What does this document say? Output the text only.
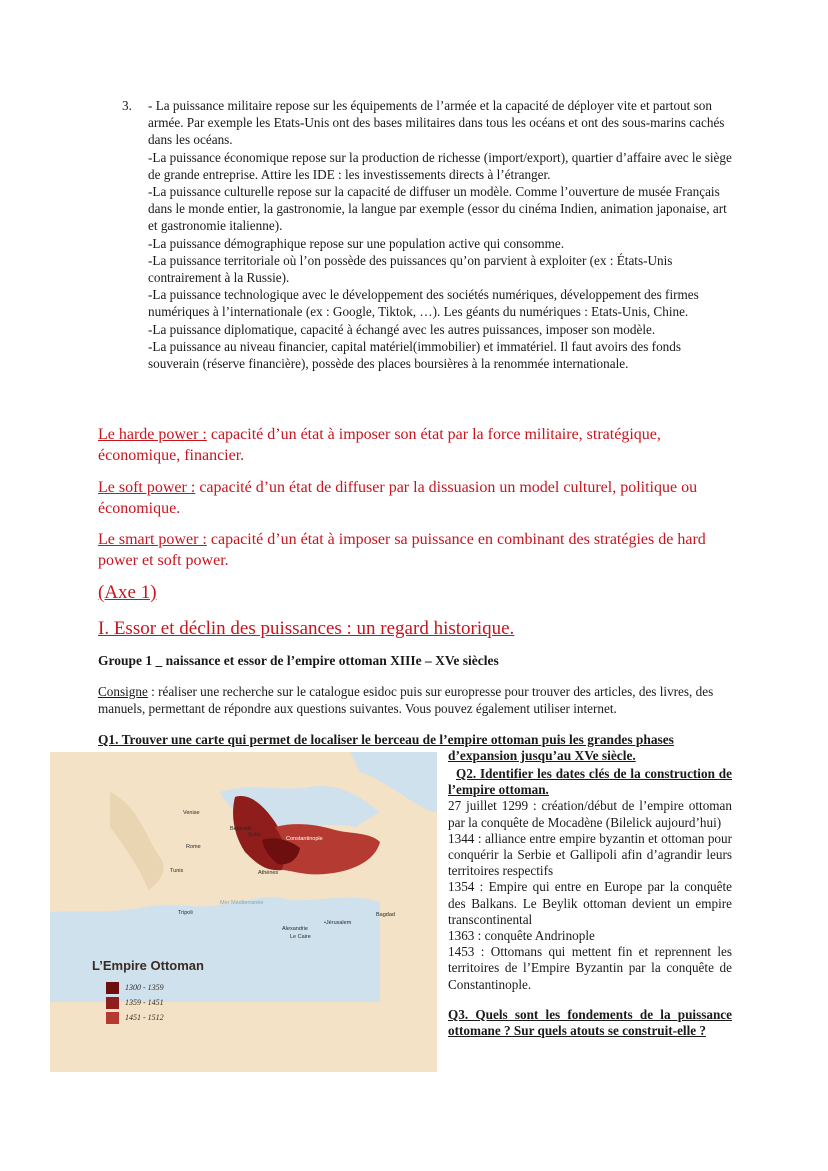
3. - La puissance militaire repose sur les équipements de l’armée et la capacité de déployer vite et partout son armée. Par exemple les Etats-Unis ont des bases militaires dans tous les océans et ont des sous-marins cachés dans les océans.

-La puissance économique repose sur la production de richesse (import/export), quartier d’affaire avec le siège de grande entreprise. Attire les IDE : les investissements directs à l’étranger.

-La puissance culturelle repose sur la capacité de diffuser un modèle. Comme l’ouverture de musée Français dans le monde entier, la gastronomie, la langue par exemple (essor du cinéma Indien, animation japonaise, art et gastronomie italienne).

-La puissance démographique repose sur une population active qui consomme.

-La puissance territoriale où l’on possède des puissances qu’on parvient à exploiter (ex : États-Unis contrairement à la Russie).

-La puissance technologique avec le développement des sociétés numériques, développement des firmes numériques à l’internationale (ex : Google, Tiktok, …). Les géants du numériques : Etats-Unis, Chine.

-La puissance diplomatique, capacité à échangé avec les autres puissances, imposer son modèle.

-La puissance au niveau financier, capital matériel(immobilier) et immatériel. Il faut avoirs des fonds souverain (réserve financière), possède des places boursières à la renommée internationale.

Le harde power : capacité d’un état à imposer son état par la force militaire, stratégique, économique, financier.

Le soft power : capacité d’un état de diffuser par la dissuasion un model culturel, politique ou économique.

Le smart power : capacité d’un état à imposer sa puissance en combinant des stratégies de hard power et soft power.

(Axe 1)
I. Essor et déclin des puissances : un regard historique.
Groupe 1 _ naissance et essor de l’empire ottoman XIIIe – XVe siècles
Consigne : réaliser une recherche sur le catalogue esidoc puis sur europresse pour trouver des articles, des livres, des manuels, permettant de répondre aux questions suivantes. Vous pouvez également utiliser internet.
Q1. Trouver une carte qui permet de localiser le berceau de l’empire ottoman puis les grandes phases
d’expansion jusqu’au XVe siècle.
Venise
Belgrade
Sofia
Rome
Constantinople
Tunis	Athènes
Mer Méditerranée
Tripoli
Alexandrie
•Jérusalem
Bagdad
Le Caire
L’Empire Ottoman
1300 - 1359
1359 - 1451
1451 - 1512

Q2. Identifier les dates clés de la construction de l’empire ottoman.

27 juillet 1299 : création/début de l’empire ottoman par la conquête de Mocadène (Bilelick aujourd’hui)

1344 : alliance entre empire byzantin et ottoman pour conquérir la Serbie et Gallipoli afin d’agrandir leurs territoires respectifs

1354 : Empire qui entre en Europe par la conquête des Balkans. Le Beylik ottoman devient un empire transcontinental

1363 : conquête Andrinople

1453 : Ottomans qui mettent fin et reprennent les territoires de l’Empire Byzantin par la conquête de Constantinople.

Q3. Quels sont les fondements de la puissance ottomane ? Sur quels atouts se construit-elle ?
